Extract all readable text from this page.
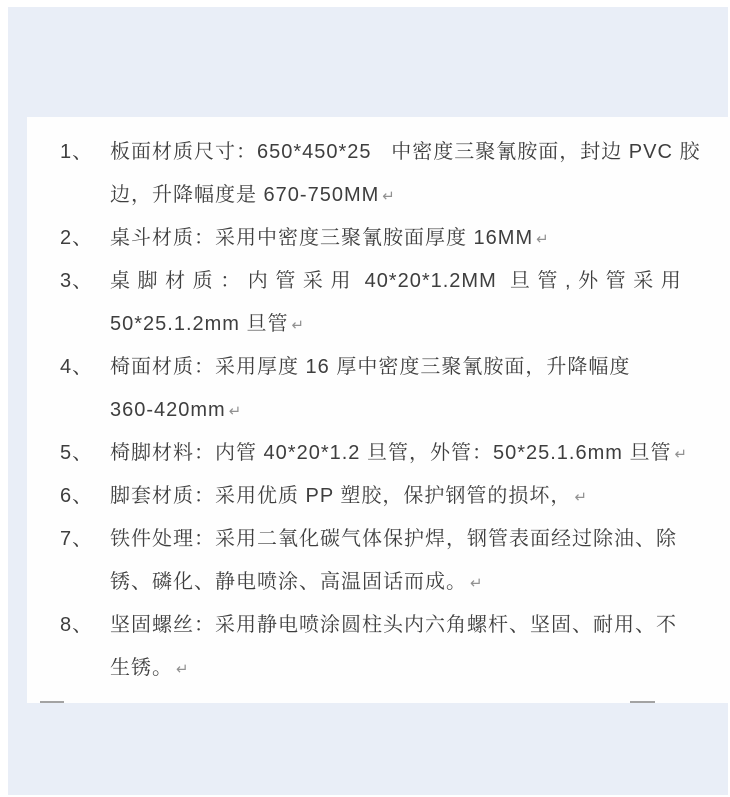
1、 板面材质尺寸：650*450*25   中密度三聚氰胺面，封边 PVC 胶
边，升降幅度是 670-750MM ↵
2、 桌斗材质：采用中密度三聚氰胺面厚度 16MM ↵
3、 桌 脚 材 质 ： 内 管 采 用  40*20*1.2MM  旦 管 , 外 管 采 用
50*25.1.2mm 旦管 ↵
4、 椅面材质：采用厚度 16 厚中密度三聚氰胺面，升降幅度
360-420mm ↵
5、 椅脚材料：内管 40*20*1.2 旦管，外管：50*25.1.6mm 旦管 ↵
6、 脚套材质：采用优质 PP 塑胶，保护钢管的损坏， ↵
7、 铁件处理：采用二氧化碳气体保护焊，钢管表面经过除油、除
锈、磷化、静电喷涂、高温固话而成。 ↵
8、 坚固螺丝：采用静电喷涂圆柱头内六角螺杆、坚固、耐用、不
生锈。 ↵
